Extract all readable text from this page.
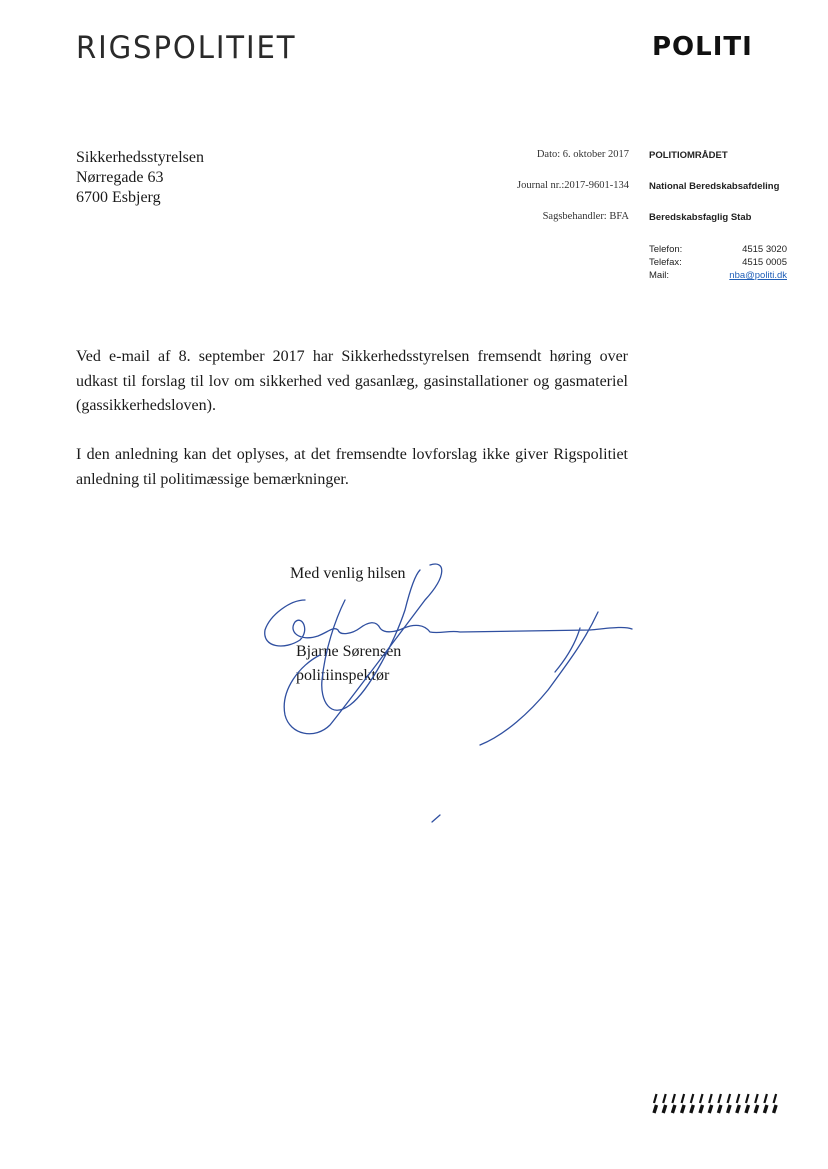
RIGSPOLITIET	POLITI
Sikkerhedsstyrelsen
Nørregade 63
6700 Esbjerg
Dato: 6. oktober 2017
Journal nr.:2017-9601-134
Sagsbehandler: BFA
POLITIOMRÅDET
National Beredskabsafdeling
Beredskabsfaglig Stab
Telefon:	4515 3020
Telefax:	4515 0005
Mail:	nba@politi.dk

Ved e-mail af 8. september 2017 har Sikkerhedsstyrelsen fremsendt høring over udkast til forslag til lov om sikkerhed ved gasanlæg, gasinstallationer og gasmateriel (gassikkerhedsloven).

I den anledning kan det oplyses, at det fremsendte lovforslag ikke giver Rigspolitiet anledning til politimæssige bemærkninger.

Med venlig hilsen
Bjarne Sørensen
politiinspektør
